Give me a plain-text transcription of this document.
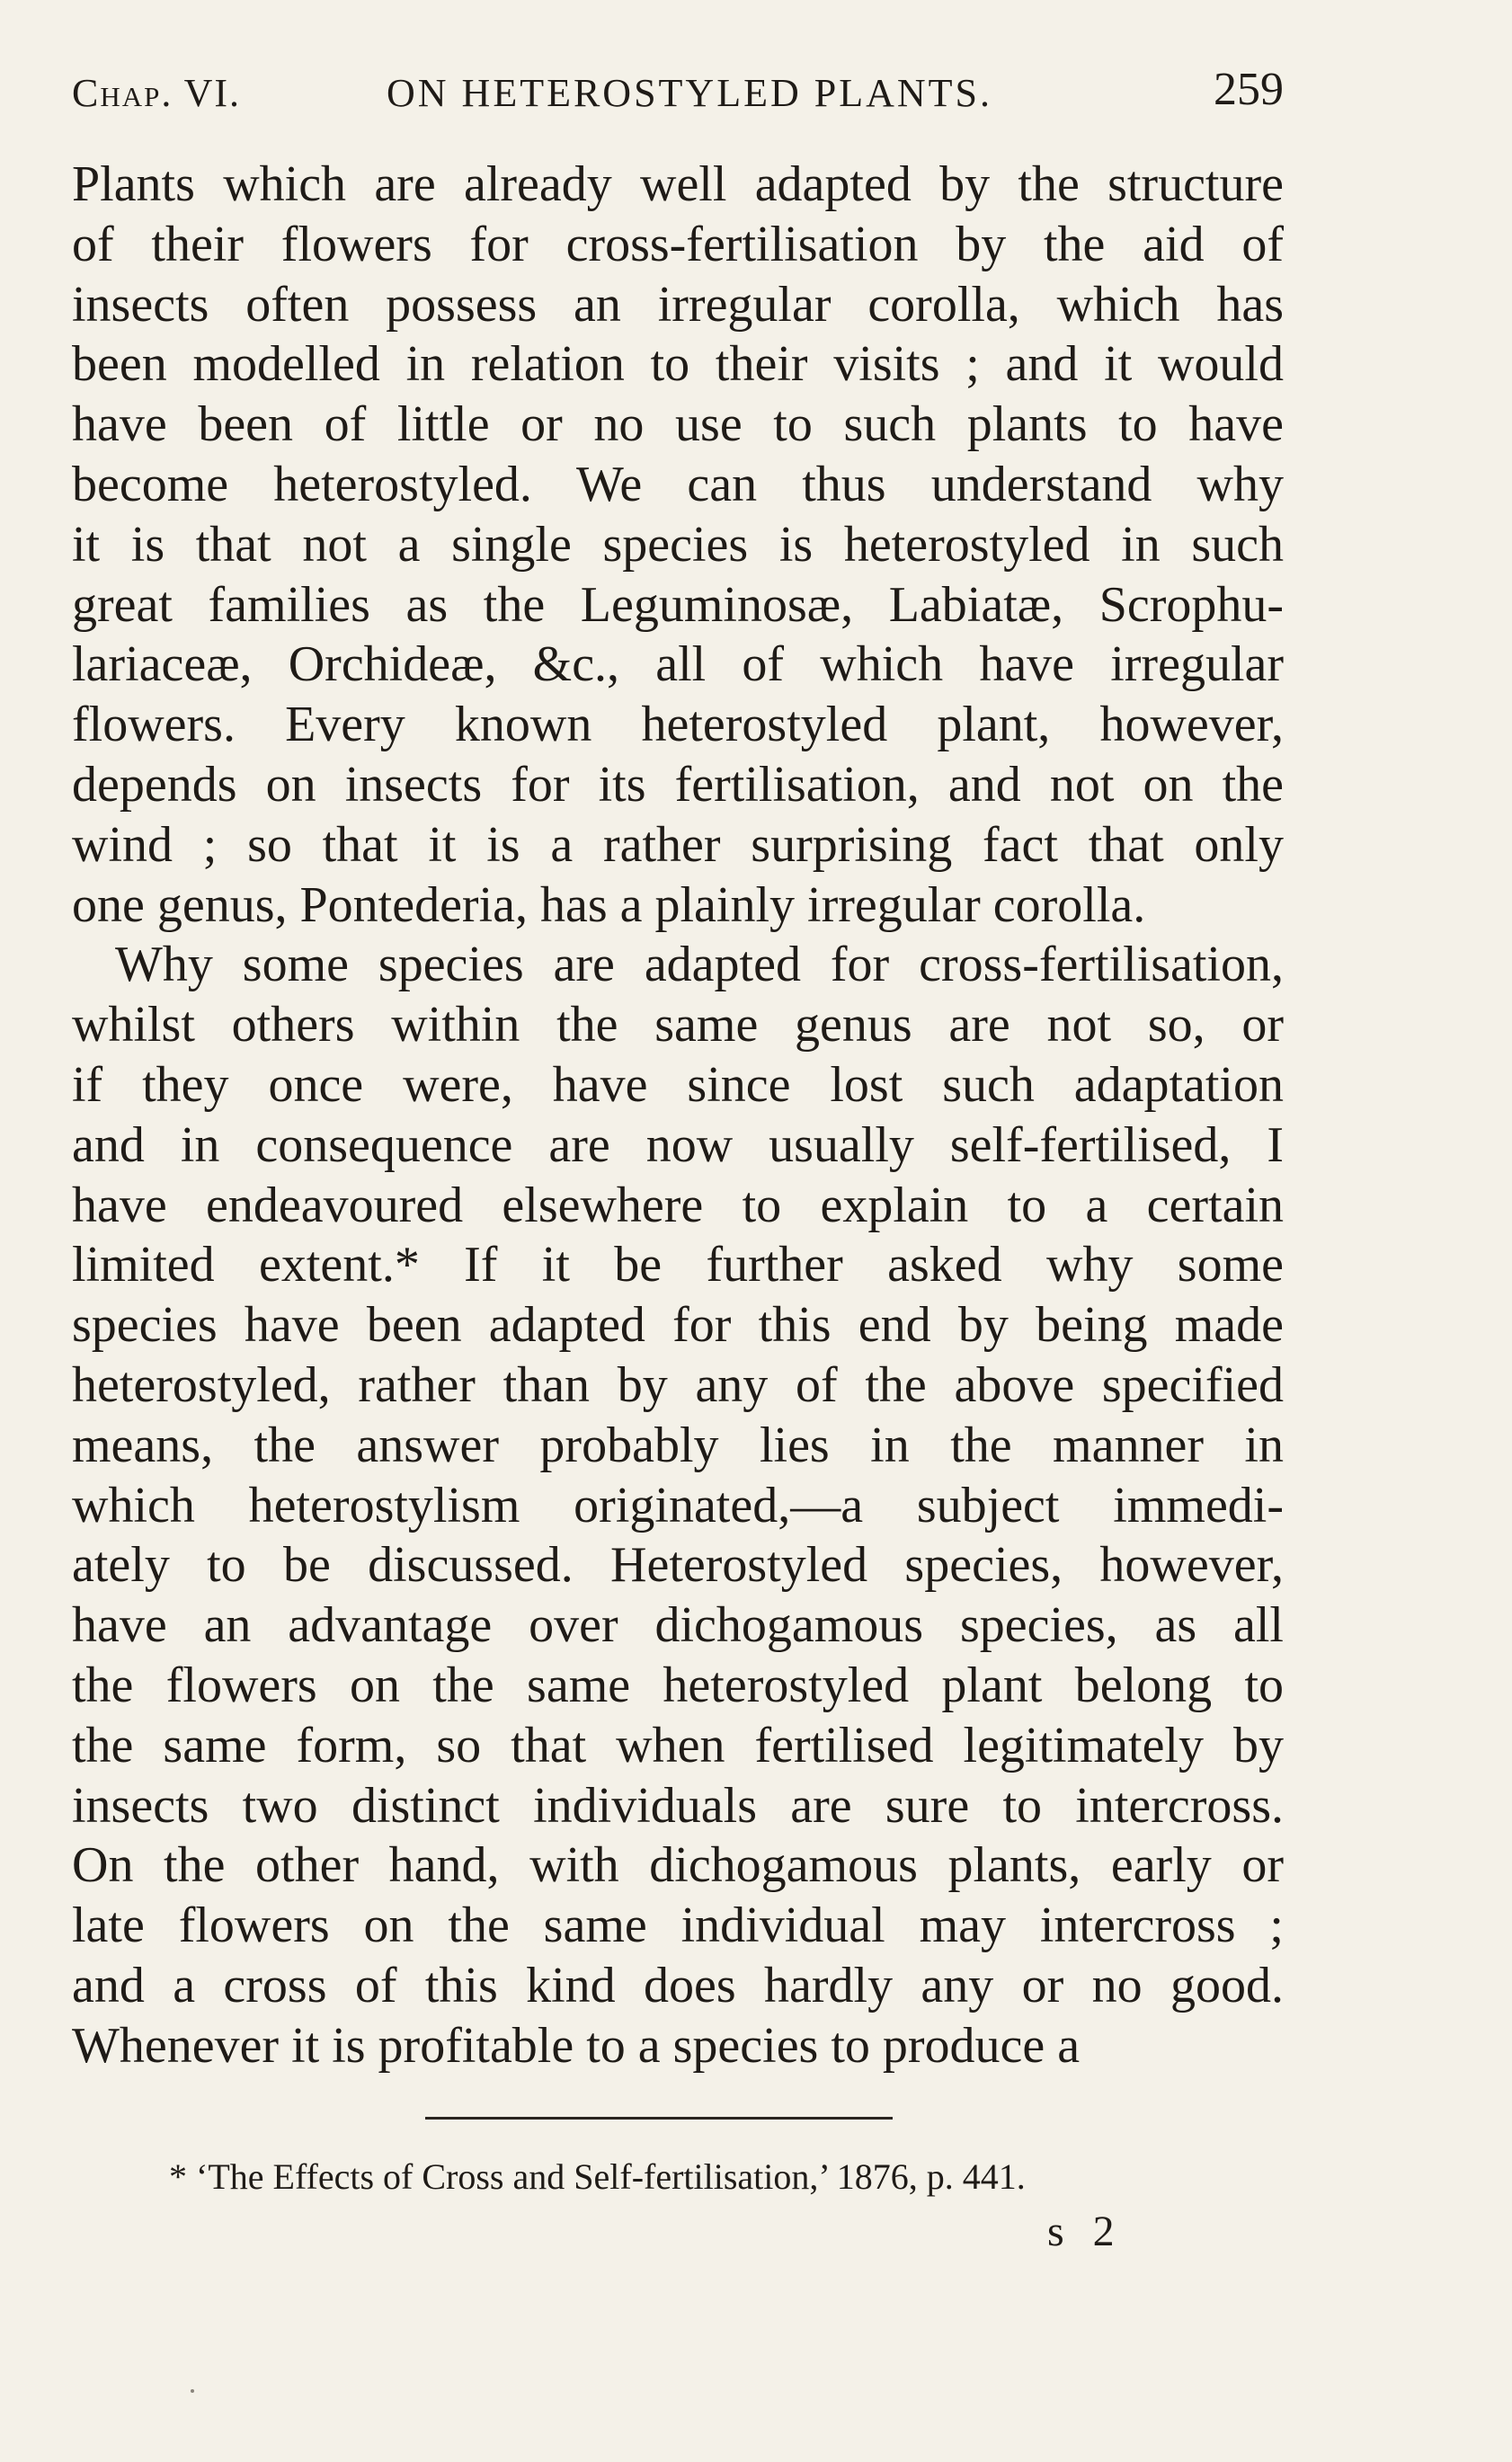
Chap. VI.	ON HETEROSTYLED PLANTS.	259
Plants which are already well adapted by the structure
of their flowers for cross-fertilisation by the aid of
insects often possess an irregular corolla, which has
been modelled in relation to their visits ; and it would
have been of little or no use to such plants to have
become heterostyled. We can thus understand why
it is that not a single species is heterostyled in such
great families as the Leguminosæ, Labiatæ, Scrophu-
lariaceæ, Orchideæ, &c., all of which have irregular
flowers. Every known heterostyled plant, however,
depends on insects for its fertilisation, and not on the
wind ; so that it is a rather surprising fact that only
one genus, Pontederia, has a plainly irregular corolla.
Why some species are adapted for cross-fertilisation,
whilst others within the same genus are not so, or
if they once were, have since lost such adaptation
and in consequence are now usually self-fertilised, I
have endeavoured elsewhere to explain to a certain
limited extent.* If it be further asked why some
species have been adapted for this end by being made
heterostyled, rather than by any of the above specified
means, the answer probably lies in the manner in
which heterostylism originated,—a subject immedi-
ately to be discussed. Heterostyled species, however,
have an advantage over dichogamous species, as all
the flowers on the same heterostyled plant belong to
the same form, so that when fertilised legitimately by
insects two distinct individuals are sure to intercross.
On the other hand, with dichogamous plants, early or
late flowers on the same individual may intercross ;
and a cross of this kind does hardly any or no good.
Whenever it is profitable to a species to produce a
* ‘The Effects of Cross and Self-fertilisation,’ 1876, p. 441.
s 2
